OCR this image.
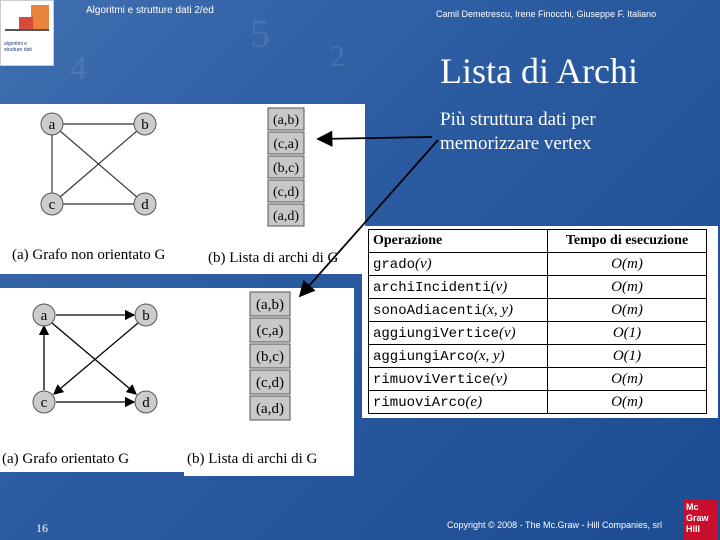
5
4	2
algoritmi e
strutture dati
Algoritmi e strutture dati 2/ed	Camil Demetrescu, Irene Finocchi, Giuseppe F. Italiano
Lista di Archi
Più struttura dati per memorizzare vertex
a	b
c	d
(a,b)
(c,a)
(b,c)
(c,d)
(a,d)
(a) Grafo non orientato G	(b) Lista di archi di G
a	b
c	d
(a) Grafo orientato G
(a,b)
(c,a)
(b,c)
(c,d)
(a,d)
(b) Lista di archi di G
Operazione	Tempo di esecuzione
grado(v)	O(m)
archiIncidenti(v)	O(m)
sonoAdiacenti(x, y)	O(m)
aggiungiVertice(v)	O(1)
aggiungiArco(x, y)	O(1)
rimuoviVertice(v)	O(m)
rimuoviArco(e)	O(m)
16	Copyright © 2008 - The Mc.Graw - Hill Companies, srl
Mc
Graw
Hill
